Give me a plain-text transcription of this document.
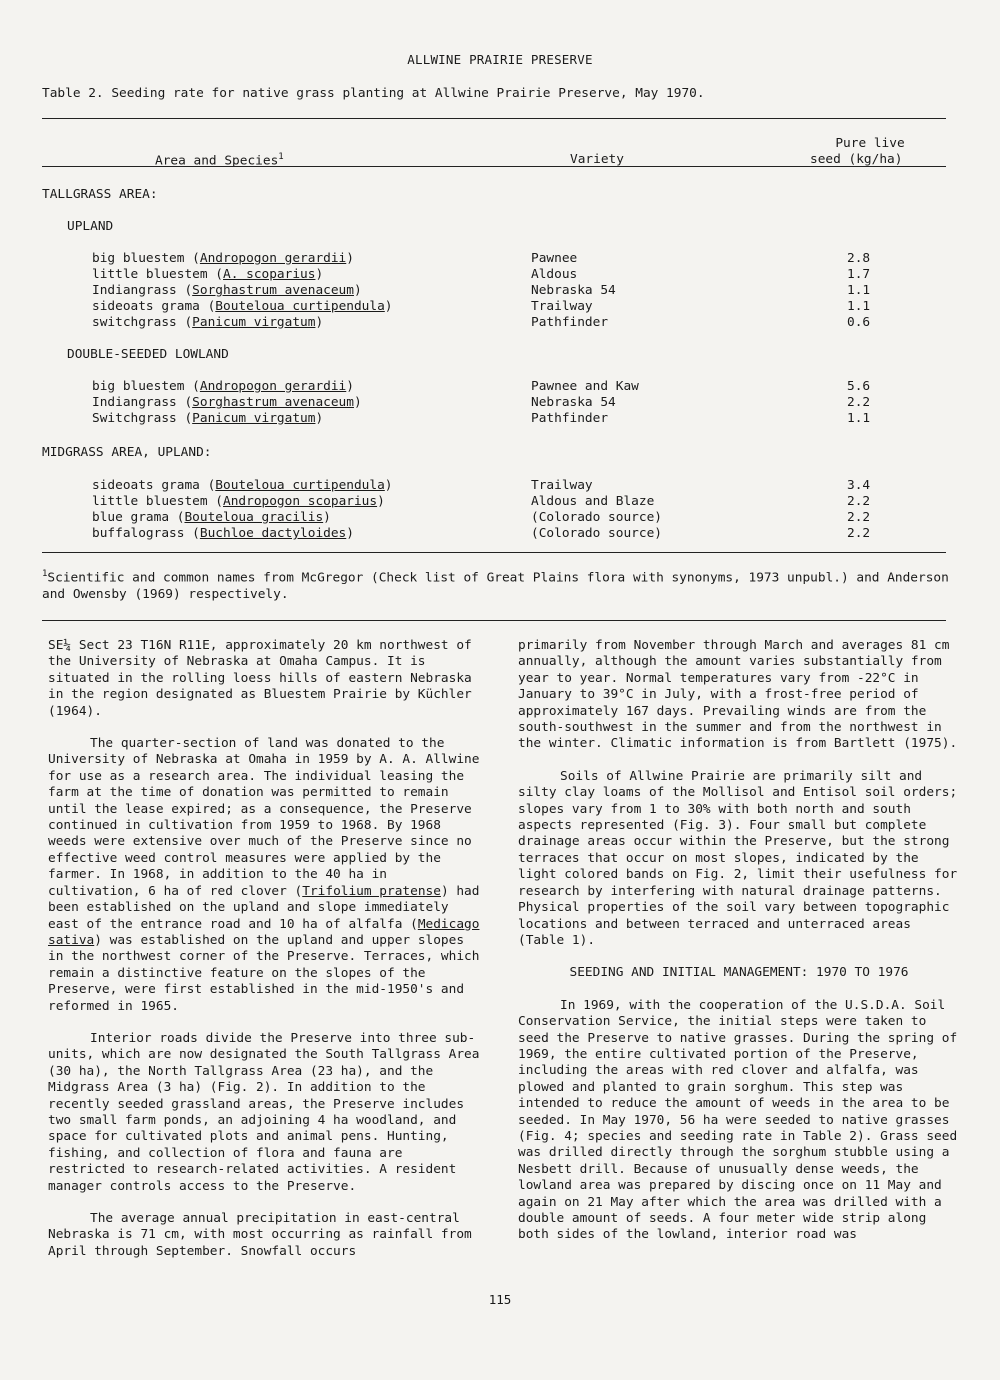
ALLWINE PRAIRIE PRESERVE
Table 2. Seeding rate for native grass planting at Allwine Prairie Preserve, May 1970.
Area and Species$^1$	Variety
Pure live
seed (kg/ha)
TALLGRASS AREA:
UPLAND
big bluestem (Andropogon gerardii)	Pawnee	2.8
little bluestem (A. scoparius)	Aldous	1.7
Indiangrass (Sorghastrum avenaceum)	Nebraska 54	1.1
sideoats grama (Bouteloua curtipendula)	Trailway	1.1
switchgrass (Panicum virgatum)	Pathfinder	0.6
DOUBLE-SEEDED LOWLAND
big bluestem (Andropogon gerardii)	Pawnee and Kaw	5.6
Indiangrass (Sorghastrum avenaceum)	Nebraska 54	2.2
Switchgrass (Panicum virgatum)	Pathfinder	1.1
MIDGRASS AREA, UPLAND:
sideoats grama (Bouteloua curtipendula)	Trailway	3.4
little bluestem (Andropogon scoparius)	Aldous and Blaze	2.2
blue grama (Bouteloua gracilis)	(Colorado source)	2.2
buffalograss (Buchloe dactyloides)	(Colorado source)	2.2
$^1$Scientific and common names from McGregor (Check list of Great Plains flora with synonyms, 1973 unpubl.) and Anderson and Owensby (1969) respectively.

SE¼ Sect 23 T16N R11E, approximately 20 km northwest of the University of Nebraska at Omaha Campus. It is situated in the rolling loess hills of eastern Nebraska in the region designated as Bluestem Prairie by Küchler (1964).

The quarter-section of land was donated to the University of Nebraska at Omaha in 1959 by A. A. Allwine for use as a research area. The individual leasing the farm at the time of donation was permitted to remain until the lease expired; as a consequence, the Preserve continued in cultivation from 1959 to 1968. By 1968 weeds were extensive over much of the Preserve since no effective weed control measures were applied by the farmer. In 1968, in addition to the 40 ha in cultivation, 6 ha of red clover (Trifolium pratense) had been established on the upland and slope immediately east of the entrance road and 10 ha of alfalfa (Medicago sativa) was established on the upland and upper slopes in the northwest corner of the Preserve. Terraces, which remain a distinctive feature on the slopes of the Preserve, were first established in the mid-1950's and reformed in 1965.

Interior roads divide the Preserve into three sub-units, which are now designated the South Tallgrass Area (30 ha), the North Tallgrass Area (23 ha), and the Midgrass Area (3 ha) (Fig. 2). In addition to the recently seeded grassland areas, the Preserve includes two small farm ponds, an adjoining 4 ha woodland, and space for cultivated plots and animal pens. Hunting, fishing, and collection of flora and fauna are restricted to research-related activities. A resident manager controls access to the Preserve.

The average annual precipitation in east-central Nebraska is 71 cm, with most occurring as rainfall from April through September. Snowfall occurs

primarily from November through March and averages 81 cm annually, although the amount varies substantially from year to year. Normal temperatures vary from -22°C in January to 39°C in July, with a frost-free period of approximately 167 days. Prevailing winds are from the south-southwest in the summer and from the northwest in the winter. Climatic information is from Bartlett (1975).

Soils of Allwine Prairie are primarily silt and silty clay loams of the Mollisol and Entisol soil orders; slopes vary from 1 to 30% with both north and south aspects represented (Fig. 3). Four small but complete drainage areas occur within the Preserve, but the strong terraces that occur on most slopes, indicated by the light colored bands on Fig. 2, limit their usefulness for research by interfering with natural drainage patterns. Physical properties of the soil vary between topographic locations and between terraced and unterraced areas (Table 1).

SEEDING AND INITIAL MANAGEMENT: 1970 TO 1976

In 1969, with the cooperation of the U.S.D.A. Soil Conservation Service, the initial steps were taken to seed the Preserve to native grasses. During the spring of 1969, the entire cultivated portion of the Preserve, including the areas with red clover and alfalfa, was plowed and planted to grain sorghum. This step was intended to reduce the amount of weeds in the area to be seeded. In May 1970, 56 ha were seeded to native grasses (Fig. 4; species and seeding rate in Table 2). Grass seed was drilled directly through the sorghum stubble using a Nesbett drill. Because of unusually dense weeds, the lowland area was prepared by discing once on 11 May and again on 21 May after which the area was drilled with a double amount of seeds. A four meter wide strip along both sides of the lowland, interior road was

115
